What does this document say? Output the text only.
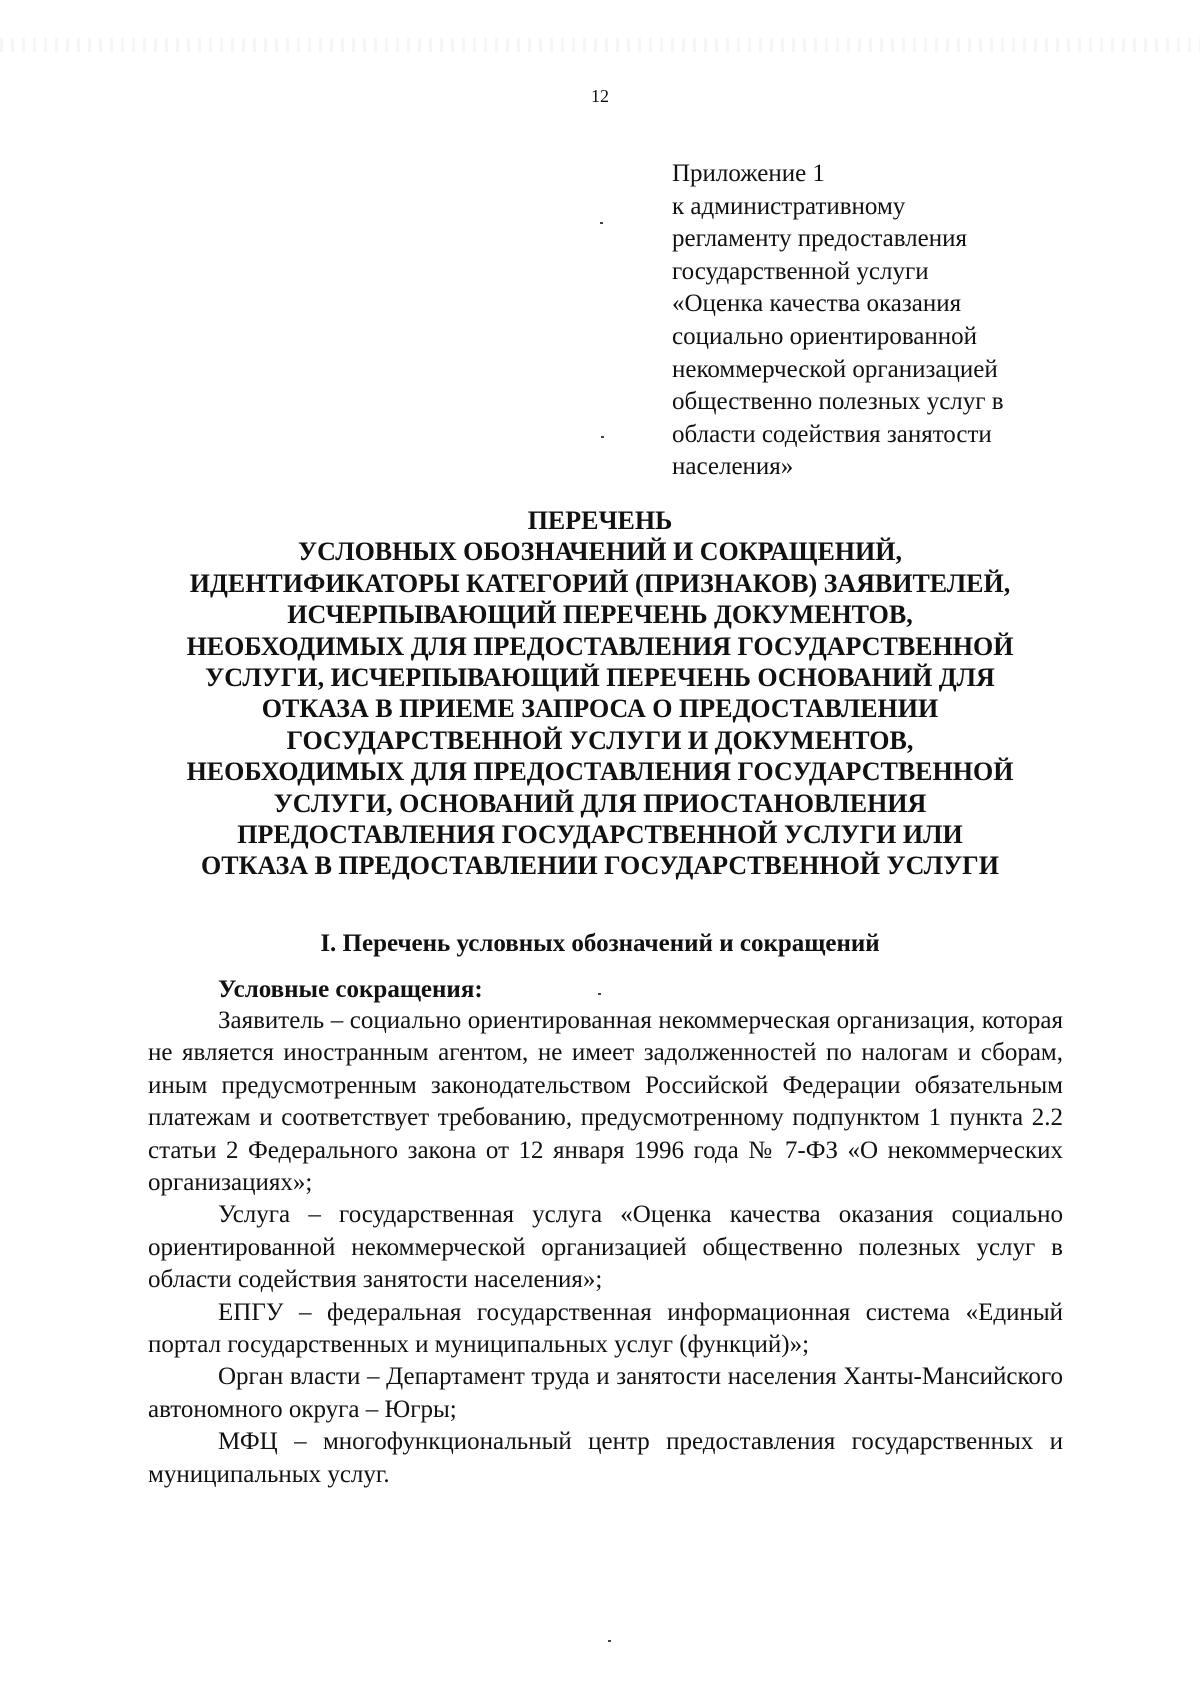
12
Приложение 1
к административному
регламенту предоставления
государственной услуги
«Оценка качества оказания
социально ориентированной
некоммерческой организацией
общественно полезных услуг в
области содействия занятости
населения»
ПЕРЕЧЕНЬ
УСЛОВНЫХ ОБОЗНАЧЕНИЙ И СОКРАЩЕНИЙ,
ИДЕНТИФИКАТОРЫ КАТЕГОРИЙ (ПРИЗНАКОВ) ЗАЯВИТЕЛЕЙ,
ИСЧЕРПЫВАЮЩИЙ ПЕРЕЧЕНЬ ДОКУМЕНТОВ,
НЕОБХОДИМЫХ ДЛЯ ПРЕДОСТАВЛЕНИЯ ГОСУДАРСТВЕННОЙ
УСЛУГИ, ИСЧЕРПЫВАЮЩИЙ ПЕРЕЧЕНЬ ОСНОВАНИЙ ДЛЯ
ОТКАЗА В ПРИЕМЕ ЗАПРОСА О ПРЕДОСТАВЛЕНИИ
ГОСУДАРСТВЕННОЙ УСЛУГИ И ДОКУМЕНТОВ,
НЕОБХОДИМЫХ ДЛЯ ПРЕДОСТАВЛЕНИЯ ГОСУДАРСТВЕННОЙ
УСЛУГИ, ОСНОВАНИЙ ДЛЯ ПРИОСТАНОВЛЕНИЯ
ПРЕДОСТАВЛЕНИЯ ГОСУДАРСТВЕННОЙ УСЛУГИ ИЛИ
ОТКАЗА В ПРЕДОСТАВЛЕНИИ ГОСУДАРСТВЕННОЙ УСЛУГИ
I. Перечень условных обозначений и сокращений
Условные сокращения:

Заявитель – социально ориентированная некоммерческая организация, которая не является иностранным агентом, не имеет задолженностей по налогам и сборам, иным предусмотренным законодательством Российской Федерации обязательным платежам и соответствует требованию, предусмотренному подпунктом 1 пункта 2.2 статьи 2 Федерального закона от 12 января 1996 года № 7-ФЗ «О некоммерческих организациях»;

Услуга – государственная услуга «Оценка качества оказания социально ориентированной некоммерческой организацией общественно полезных услуг в области содействия занятости населения»;

ЕПГУ – федеральная государственная информационная система «Единый портал государственных и муниципальных услуг (функций)»;

Орган власти – Департамент труда и занятости населения Ханты-Мансийского автономного округа – Югры;

МФЦ – многофункциональный центр предоставления государственных и муниципальных услуг.
